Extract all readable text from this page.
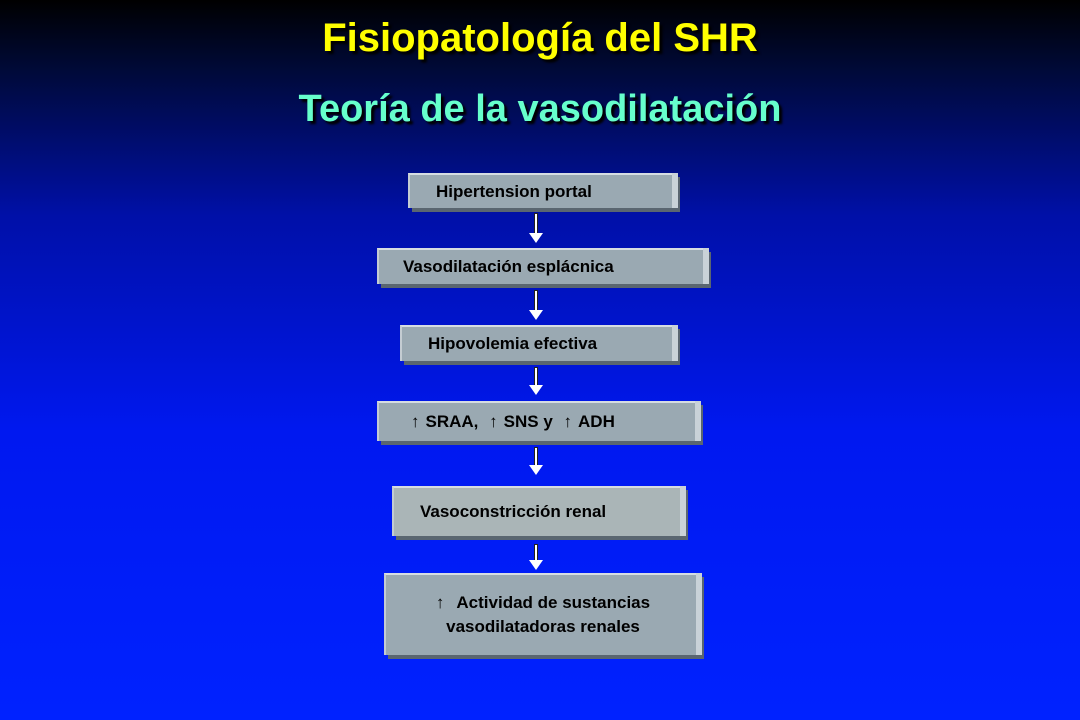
Fisiopatología del SHR
Teoría de la vasodilatación
Hipertension portal
Vasodilatación esplácnica
Hipovolemia efectiva
↑ SRAA, ↑ SNS y ↑ ADH
Vasoconstricción renal
↑ Actividad de sustancias
vasodilatadoras renales
